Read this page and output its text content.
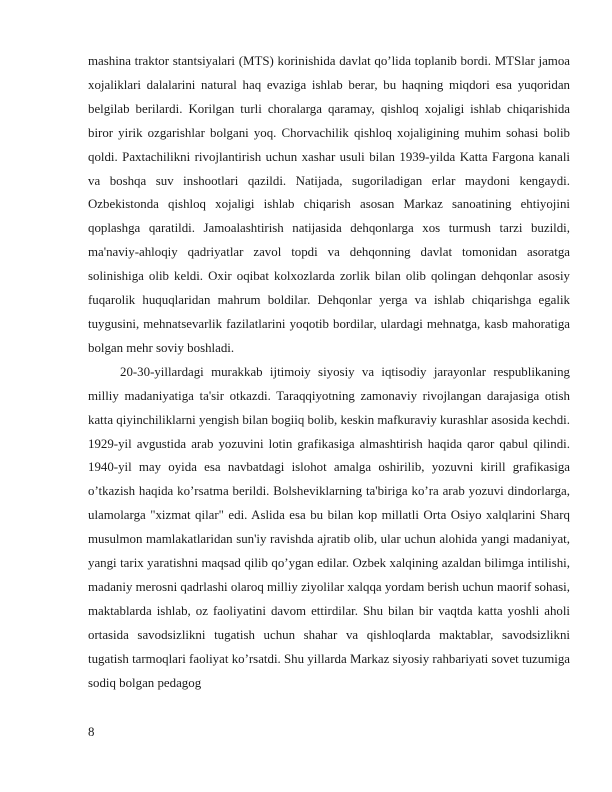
mashina traktor stantsiyalari (MTS) korinishida davlat qo’lida toplanib bordi. MTSlar jamoa xojaliklari dalalarini natural haq evaziga ishlab berar, bu haqning miqdori esa yuqoridan belgilab berilardi. Korilgan turli choralarga qaramay, qishloq xojaligi ishlab chiqarishida biror yirik ozgarishlar bolgani yoq. Chorvachilik qishloq xojaligining muhim sohasi bolib qoldi. Paxtachilikni rivojlantirish uchun xashar usuli bilan 1939-yilda Katta Fargona kanali va boshqa suv inshootlari qazildi. Natijada, sugoriladigan erlar maydoni kengaydi. Ozbekistonda qishloq xojaligi ishlab chiqarish asosan Markaz sanoatining ehtiyojini qoplashga qaratildi. Jamoalashtirish natijasida dehqonlarga xos turmush tarzi buzildi, ma'naviy-ahloqiy qadriyatlar zavol topdi va dehqonning davlat tomonidan asoratga solinishiga olib keldi. Oxir oqibat kolxozlarda zorlik bilan olib qolingan dehqonlar asosiy fuqarolik huquqlaridan mahrum boldilar. Dehqonlar yerga va ishlab chiqarishga egalik tuygusini, mehnatsevarlik fazilatlarini yoqotib bordilar, ulardagi mehnatga, kasb mahoratiga bolgan mehr soviy boshladi.

20-30-yillardagi murakkab ijtimoiy siyosiy va iqtisodiy jarayonlar respublikaning milliy madaniyatiga ta'sir otkazdi. Taraqqiyotning zamonaviy rivojlangan darajasiga otish katta qiyinchiliklarni yengish bilan bogiiq bolib, keskin mafkuraviy kurashlar asosida kechdi. 1929-yil avgustida arab yozuvini lotin grafikasiga almashtirish haqida qaror qabul qilindi. 1940-yil may oyida esa navbatdagi islohot amalga oshirilib, yozuvni kirill grafikasiga o’tkazish haqida ko’rsatma berildi. Bolsheviklarning ta'biriga ko’ra arab yozuvi dindorlarga, ulamolarga "xizmat qilar" edi. Aslida esa bu bilan kop millatli Orta Osiyo xalqlarini Sharq musulmon mamlakatlaridan sun'iy ravishda ajratib olib, ular uchun alohida yangi madaniyat, yangi tarix yaratishni maqsad qilib qo’ygan edilar. Ozbek xalqining azaldan bilimga intilishi, madaniy merosni qadrlashi olaroq milliy ziyolilar xalqqa yordam berish uchun maorif sohasi, maktablarda ishlab, oz faoliyatini davom ettirdilar. Shu bilan bir vaqtda katta yoshli aholi ortasida savodsizlikni tugatish uchun shahar va qishloqlarda maktablar, savodsizlikni tugatish tarmoqlari faoliyat ko’rsatdi. Shu yillarda Markaz siyosiy rahbariyati sovet tuzumiga sodiq bolgan pedagog

8
